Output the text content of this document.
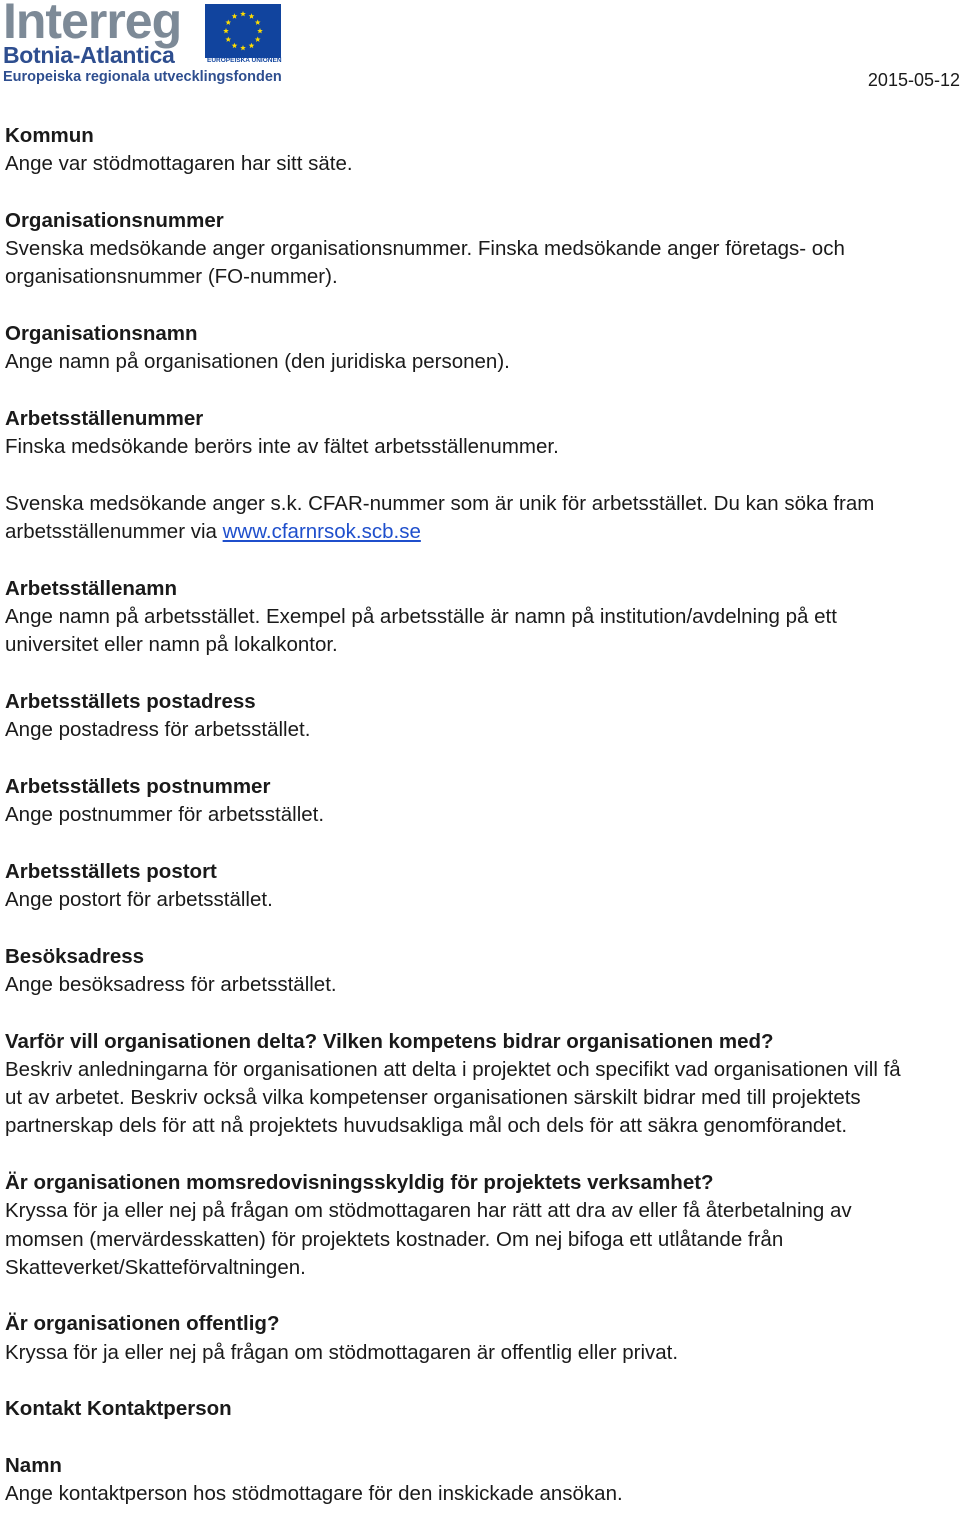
Interreg
Botnia-Atlantica
Europeiska regionala utvecklingsfonden
EUROPEISKA UNIONEN
2015-05-12
Kommun
Ange var stödmottagaren har sitt säte.
Organisationsnummer
Svenska medsökande anger organisationsnummer. Finska medsökande anger företags- och
organisationsnummer (FO-nummer).
Organisationsnamn
Ange namn på organisationen (den juridiska personen).
Arbetsställenummer
Finska medsökande berörs inte av fältet arbetsställenummer.
Svenska medsökande anger s.k. CFAR-nummer som är unik för arbetsstället. Du kan söka fram
arbetsställenummer via www.cfarnrsok.scb.se
Arbetsställenamn
Ange namn på arbetsstället. Exempel på arbetsställe är namn på institution/avdelning på ett
universitet eller namn på lokalkontor.
Arbetsställets postadress
Ange postadress för arbetsstället.
Arbetsställets postnummer
Ange postnummer för arbetsstället.
Arbetsställets postort
Ange postort för arbetsstället.
Besöksadress
Ange besöksadress för arbetsstället.
Varför vill organisationen delta? Vilken kompetens bidrar organisationen med?
Beskriv anledningarna för organisationen att delta i projektet och specifikt vad organisationen vill få
ut av arbetet. Beskriv också vilka kompetenser organisationen särskilt bidrar med till projektets
partnerskap dels för att nå projektets huvudsakliga mål och dels för att säkra genomförandet.
Är organisationen momsredovisningsskyldig för projektets verksamhet?
Kryssa för ja eller nej på frågan om stödmottagaren har rätt att dra av eller få återbetalning av
momsen (mervärdesskatten) för projektets kostnader. Om nej bifoga ett utlåtande från
Skatteverket/Skatteförvaltningen.
Är organisationen offentlig?
Kryssa för ja eller nej på frågan om stödmottagaren är offentlig eller privat.
Kontakt Kontaktperson
Namn
Ange kontaktperson hos stödmottagare för den inskickade ansökan.
